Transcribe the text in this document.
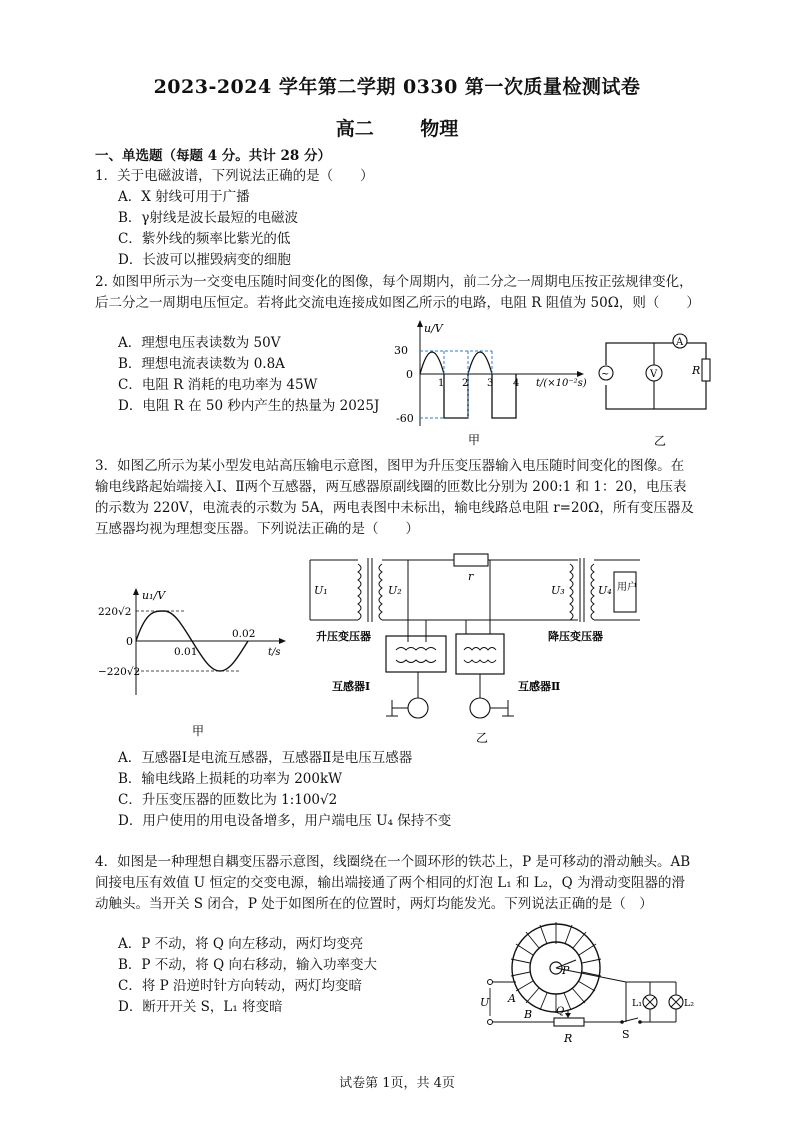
2023-2024 学年第二学期 0330 第一次质量检测试卷
高二 物理
一、单选题（每题 4 分。共计 28 分）
1．关于电磁波谱，下列说法正确的是（　　）
A．X 射线可用于广播
B．γ射线是波长最短的电磁波
C．紫外线的频率比紫光的低
D．长波可以摧毁病变的细胞
2. 如图甲所示为一交变电压随时间变化的图像，每个周期内，前二分之一周期电压按正弦规律变化，
后二分之一周期电压恒定。若将此交流电连接成如图乙所示的电路，电阻 R 阻值为 50Ω，则（　　）
A．理想电压表读数为 50V
B．理想电流表读数为 0.8A
C．电阻 R 消耗的电功率为 45W
D．电阻 R 在 50 秒内产生的热量为 2025J
u/V
30
0
-60
1 2 3 4 t/(×10⁻²s)
甲
~
A
V	R
乙
3．如图乙所示为某小型发电站高压输电示意图，图甲为升压变压器输入电压随时间变化的图像。在
输电线路起始端接入Ⅰ、Ⅱ两个互感器，两互感器原副线圈的匝数比分别为 200:1 和 1：20，电压表
的示数为 220V，电流表的示数为 5A，两电表图中未标出，输电线路总电阻 r=20Ω，所有变压器及
互感器均视为理想变压器。下列说法正确的是（　　）
u₁/V
220√2
0
−220√2
0.01
0.02
t/s
甲
U₁	U₂
升压变压器
r
U₃	U₄ 用户
降压变压器
互感器Ⅰ	互感器Ⅱ
乙
A．互感器Ⅰ是电流互感器，互感器Ⅱ是电压互感器
B．输电线路上损耗的功率为 200kW
C．升压变压器的匝数比为 1:100√2
D．用户使用的用电设备增多，用户端电压 U₄ 保持不变
4．如图是一种理想自耦变压器示意图，线圈绕在一个圆环形的铁芯上，P 是可移动的滑动触头。AB
间接电压有效值 U 恒定的交变电源，输出端接通了两个相同的灯泡 L₁ 和 L₂，Q 为滑动变阻器的滑
动触头。当开关 S 闭合，P 处于如图所在的位置时，两灯均能发光。下列说法正确的是（　）
A．P 不动，将 Q 向左移动，两灯均变亮
B．P 不动，将 Q 向右移动，输入功率变大
C．将 P 沿逆时针方向转动，两灯均变暗
D．断开开关 S，L₁ 将变暗
P
U A
B Q
R	S
L₁	L₂
试卷第 1页，共 4页
